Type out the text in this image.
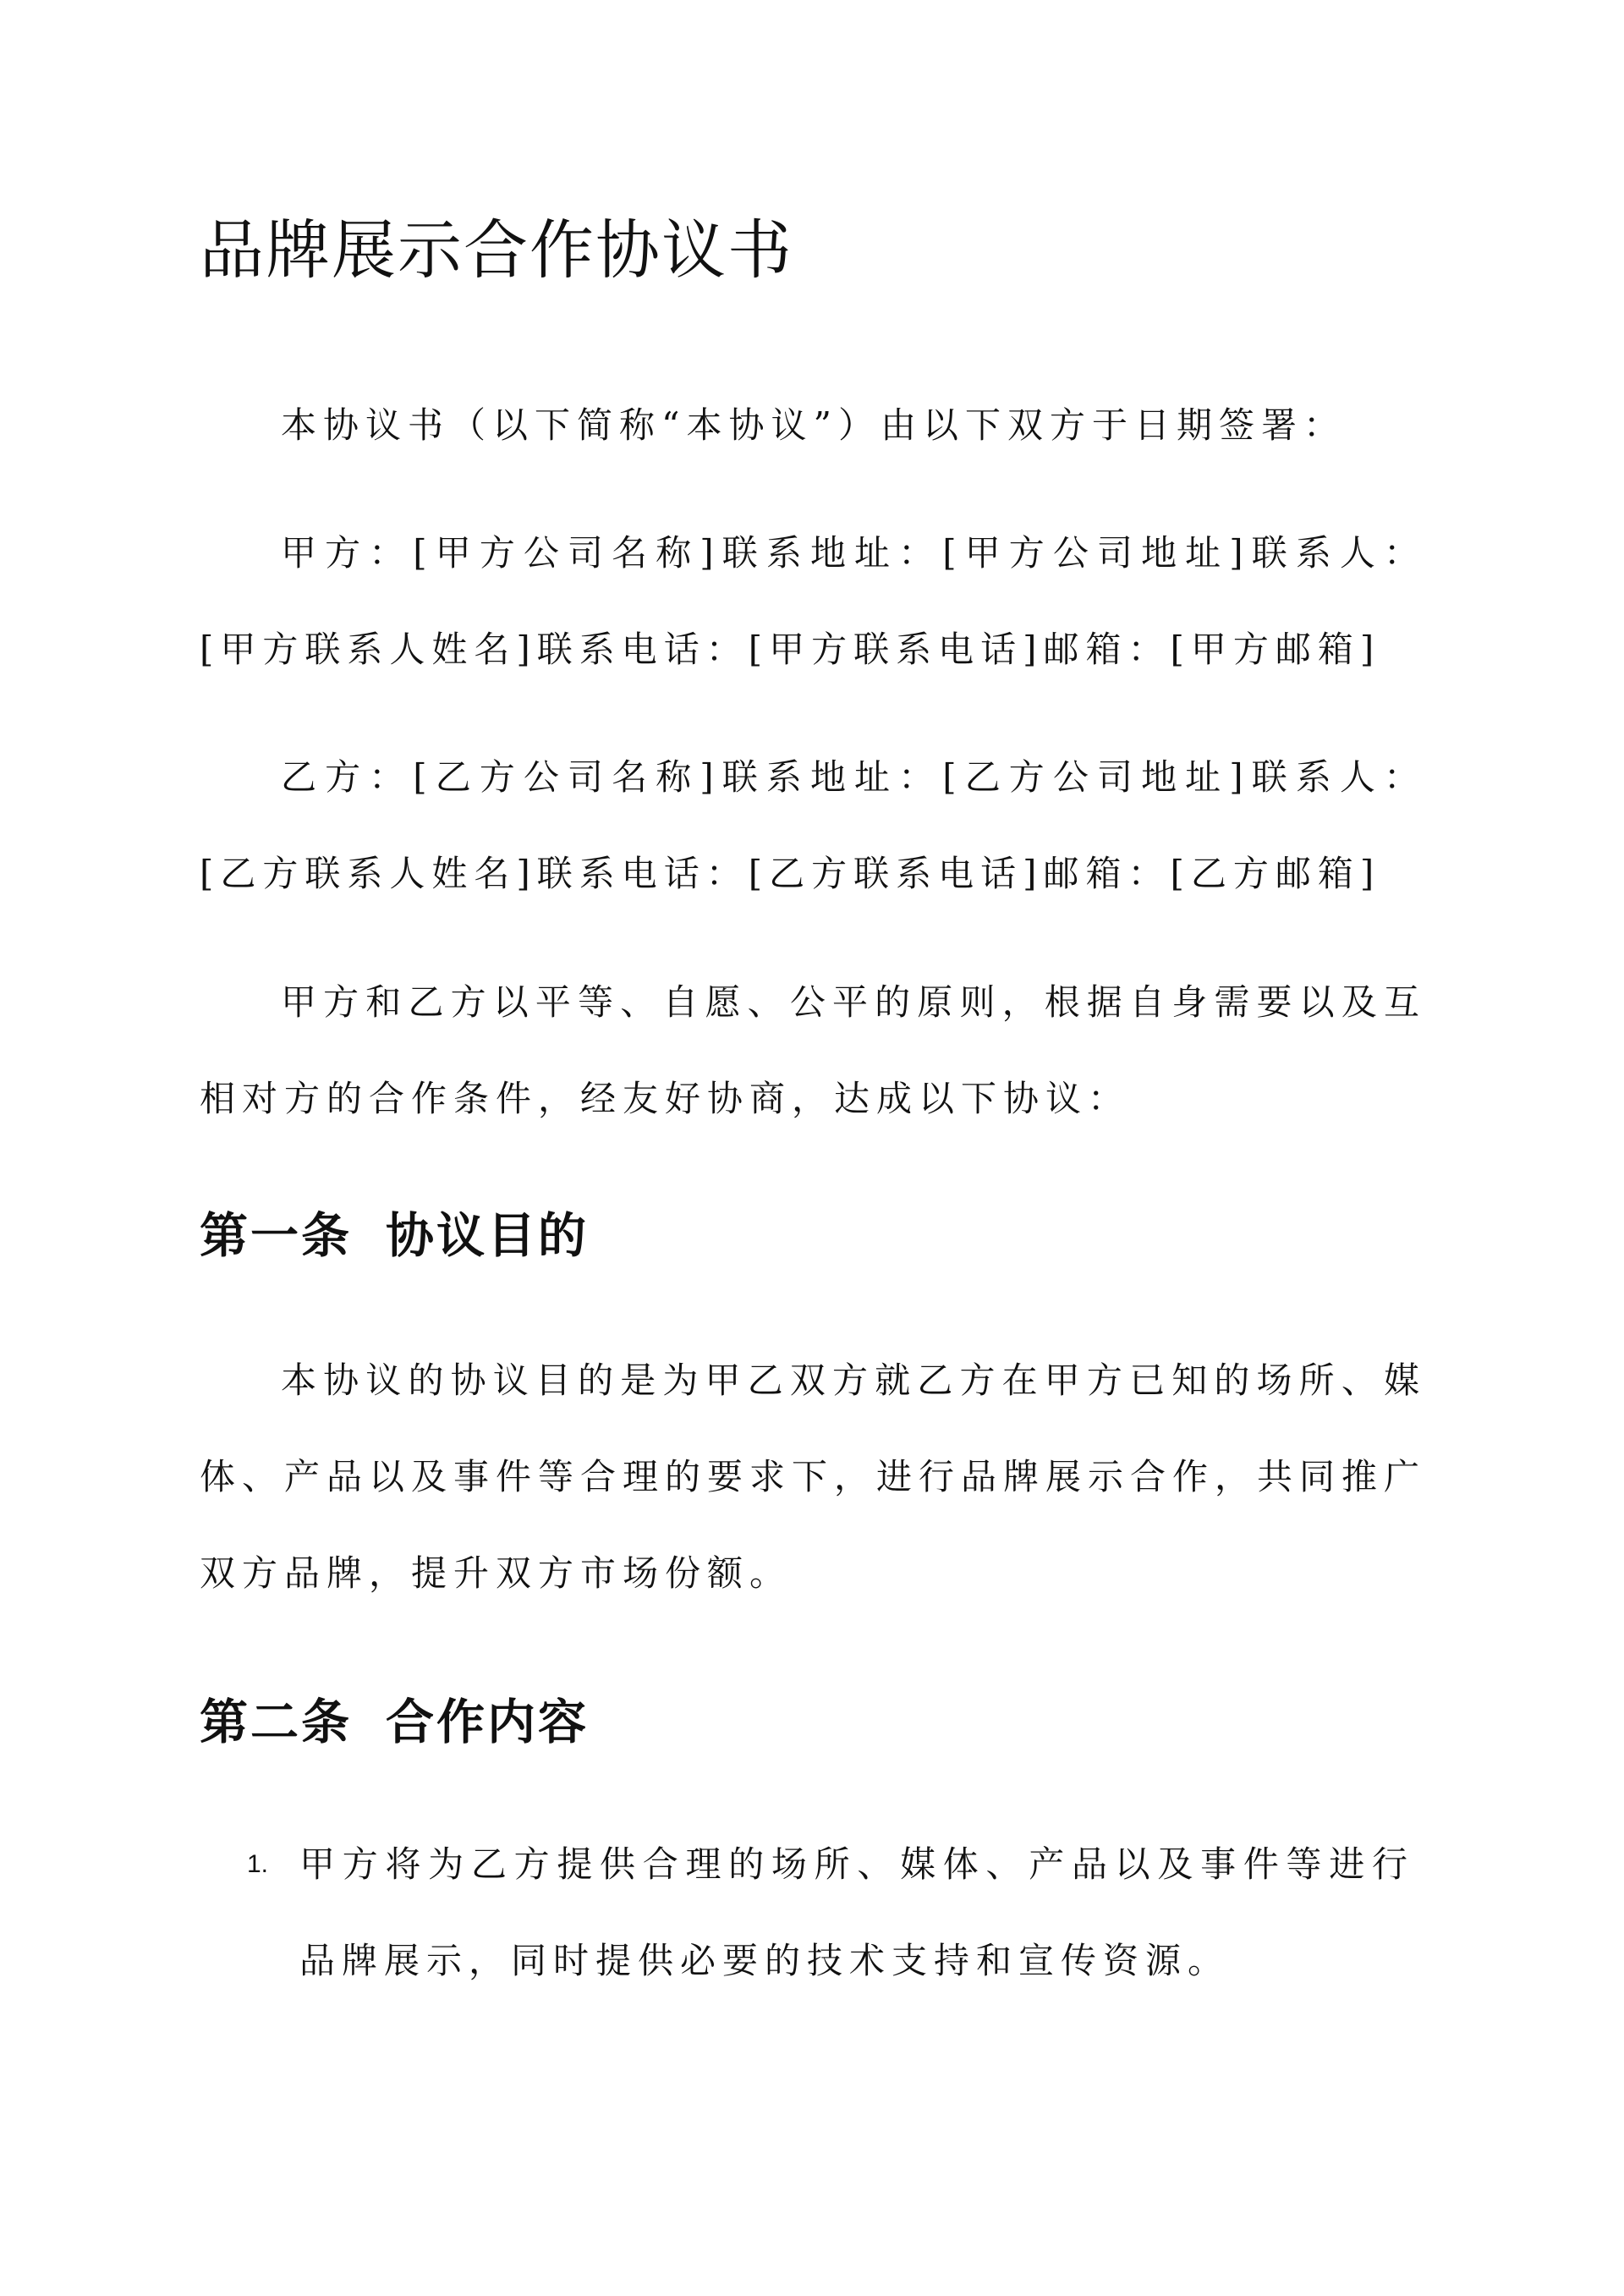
品牌展示合作协议书

本协议书（以下简称“本协议”）由以下双方于日期签署：

甲方：[甲方公司名称]联系地址：[甲方公司地址]联系人：[甲方联系人姓名]联系电话：[甲方联系电话]邮箱：[甲方邮箱]

乙方：[乙方公司名称]联系地址：[乙方公司地址]联系人：[乙方联系人姓名]联系电话：[乙方联系电话]邮箱：[乙方邮箱]

甲方和乙方以平等、自愿、公平的原则，根据自身需要以及互相对方的合作条件，经友好协商，达成以下协议：

第一条 协议目的

本协议的协议目的是为甲乙双方就乙方在甲方已知的场所、媒体、产品以及事件等合理的要求下，进行品牌展示合作，共同推广双方品牌，提升双方市场份额。

第二条 合作内容
1. 甲方将为乙方提供合理的场所、媒体、产品以及事件等进行品牌展示，同时提供必要的技术支持和宣传资源。
